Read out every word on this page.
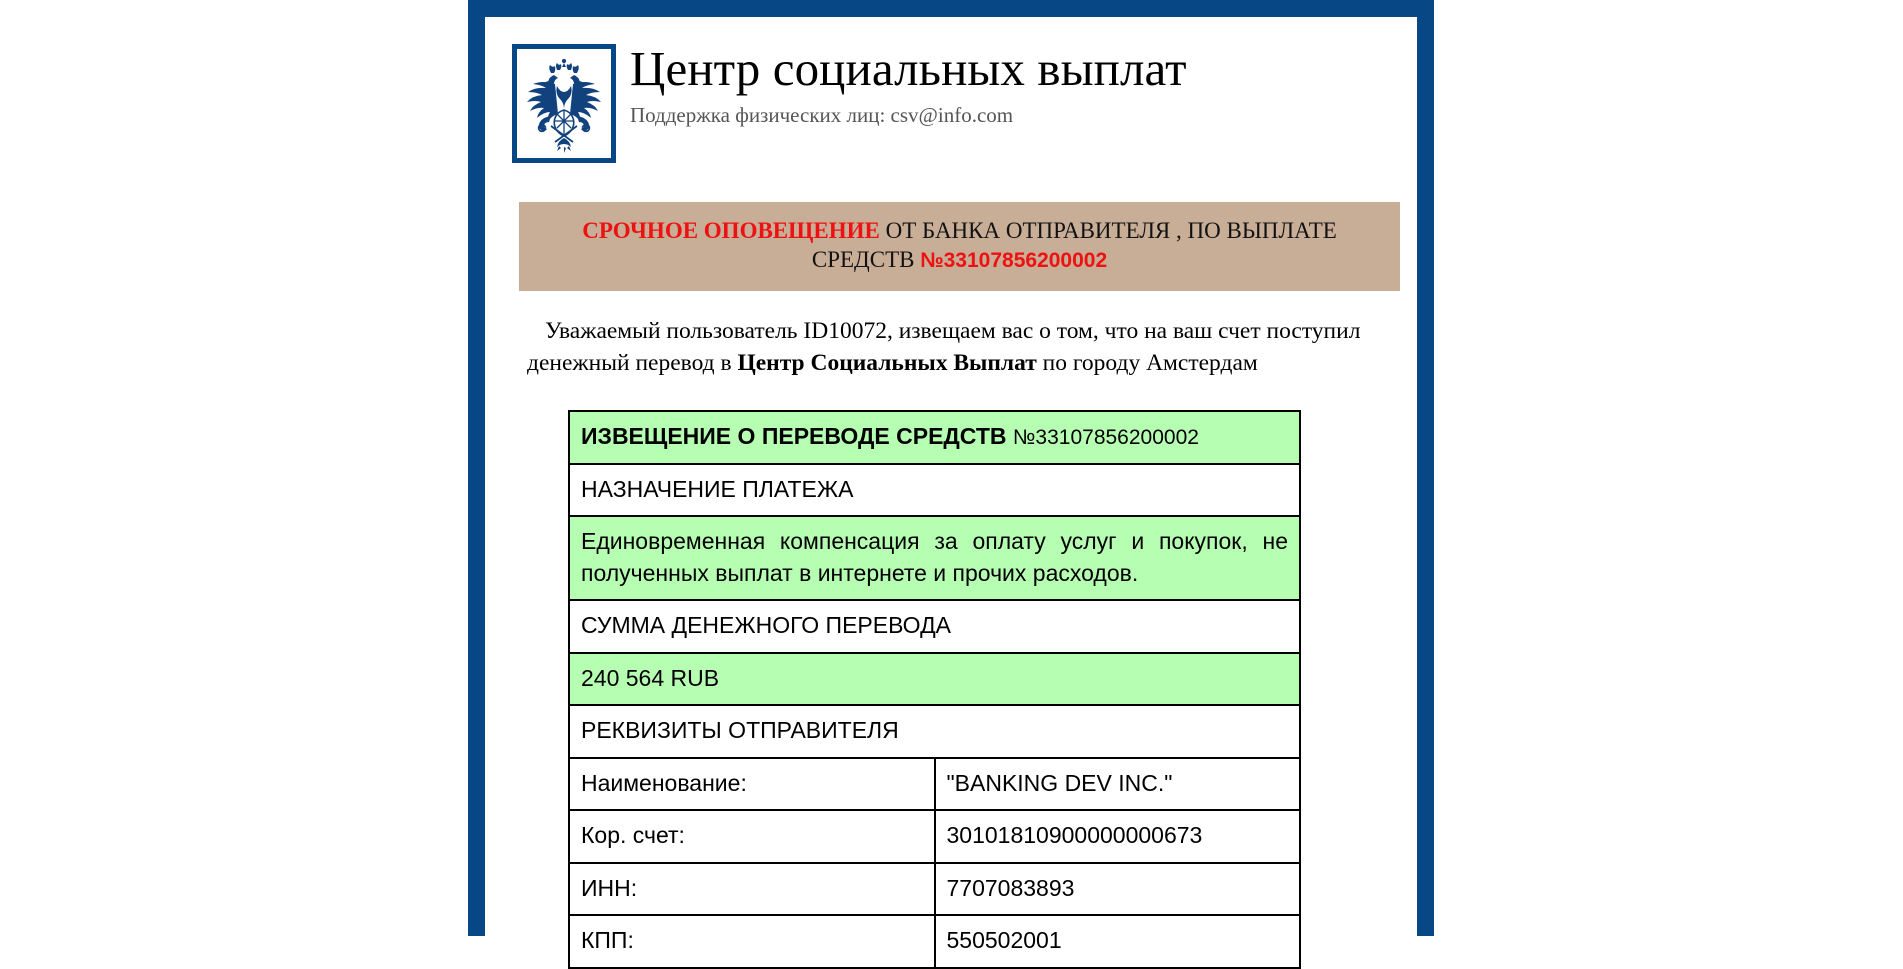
Центр социальных выплат
Поддержка физических лиц: csv@info.com
СРОЧНОЕ ОПОВЕЩЕНИЕ ОТ БАНКА ОТПРАВИТЕЛЯ , ПО ВЫПЛАТЕ СРЕДСТВ №33107856200002

Уважаемый пользователь ID10072, извещаем вас о том, что на ваш счет поступил денежный перевод в Центр Социальных Выплат по городу Амстердам

ИЗВЕЩЕНИЕ О ПЕРЕВОДЕ СРЕДСТВ №33107856200002	
НАЗНАЧЕНИЕ ПЛАТЕЖА	
Единовременная компенсация за оплату услуг и покупок, не полученных выплат в интернете и прочих расходов.	
СУММА ДЕНЕЖНОГО ПЕРЕВОДА	
240 564 RUB	
РЕКВИЗИТЫ ОТПРАВИТЕЛЯ	
Наименование:	"BANKING DEV INC."
Кор. счет:	30101810900000000673
ИНН:	7707083893
КПП:	550502001
